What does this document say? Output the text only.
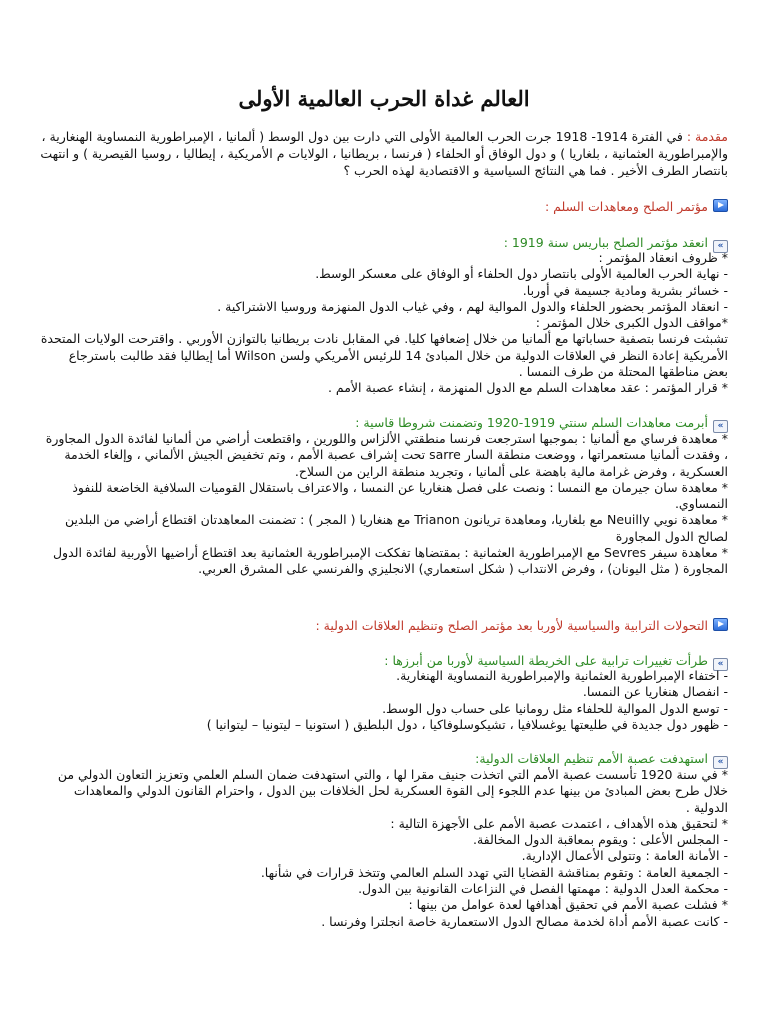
العالم غداة الحرب العالمية الأولى
مقدمة : في الفترة 1914- 1918 جرت الحرب العالمية الأولى التي دارت بين دول الوسط ( ألمانيا ، الإمبراطورية النمساوية الهنغارية ، والإمبراطورية العثمانية ، بلغاريا ) و دول الوفاق أو الحلفاء ( فرنسا ، بريطانيا ، الولايات م الأمريكية ، إيطاليا ، روسيا القيصرية ) و انتهت بانتصار الطرف الأخير . فما هي النتائج السياسية و الاقتصادية لهذه الحرب ؟
مؤتمر الصلح ومعاهدات السلم :
»انعقد مؤتمر الصلح بباريس سنة 1919 :

* ظروف انعقاد المؤتمر :

- نهاية الحرب العالمية الأولى بانتصار دول الحلفاء أو الوفاق على معسكر الوسط.

- خسائر بشرية ومادية جسيمة في أوربا.

- انعقاد المؤتمر بحضور الحلفاء والدول الموالية لهم ، وفي غياب الدول المنهزمة وروسيا الاشتراكية .

*مواقف الدول الكبرى خلال المؤتمر :

تشبثت فرنسا بتصفية حساباتها مع ألمانيا من خلال إضعافها كليا. في المقابل نادت بريطانيا بالتوازن الأوربي . واقترحت الولايات المتحدة الأمريكية إعادة النظر في العلاقات الدولية من خلال المبادئ 14 للرئيس الأمريكي ولسن Wilson أما إيطاليا فقد طالبت باسترجاع بعض مناطقها المحتلة من طرف النمسا .

* قرار المؤتمر : عقد معاهدات السلم مع الدول المنهزمة ، إنشاء عصبة الأمم .

»أبرمت معاهدات السلم سنتي 1919-1920 وتضمنت شروطا قاسية :

* معاهدة فرساي مع ألمانيا : بموجبها استرجعت فرنسا منطقتي الألزاس واللورين ، واقتطعت أراضي من ألمانيا لفائدة الدول المجاورة ، وفقدت ألمانيا مستعمراتها ، ووضعت منطقة السار sarre تحت إشراف عصبة الأمم ، وتم تخفيض الجيش الألماني ، وإلغاء الخدمة العسكرية ، وفرض غرامة مالية باهضة على ألمانيا ، وتجريد منطقة الراين من السلاح.

* معاهدة سان جيرمان مع النمسا : ونصت على فصل هنغاريا عن النمسا ، والاعتراف باستقلال القوميات السلافية الخاضعة للنفوذ النمساوي.

* معاهدة نويي Neuilly مع بلغاريا، ومعاهدة تريانون Trianon مع هنغاريا ( المجر ) : تضمنت المعاهدتان اقتطاع أراضي من البلدين لصالح الدول المجاورة

* معاهدة سيفر Sevres مع الإمبراطورية العثمانية : بمقتضاها تفككت الإمبراطورية العثمانية بعد اقتطاع أراضيها الأوربية لفائدة الدول المجاورة ( مثل اليونان) ، وفرض الانتداب ( شكل استعماري) الانجليزي والفرنسي على المشرق العربي.

التحولات الترابية والسياسية لأوربا بعد مؤتمر الصلح وتنظيم العلاقات الدولية :
»طرأت تغييرات ترابية على الخريطة السياسية لأوربا من أبرزها :

- اختفاء الإمبراطورية العثمانية والإمبراطورية النمساوية الهنغارية.

- انفصال هنغاريا عن النمسا.

- توسع الدول الموالية للحلفاء مثل رومانيا على حساب دول الوسط.

- ظهور دول جديدة في طليعتها يوغسلافيا ، تشيكوسلوفاكيا ، دول البلطيق ( استونيا – ليتونيا – ليتوانيا )

»استهدفت عصبة الأمم تنظيم العلاقات الدولية:

* في سنة 1920 تأسست عصبة الأمم التي اتخذت جنيف مقرا لها ، والتي استهدفت ضمان السلم العلمي وتعزيز التعاون الدولي من خلال طرح بعض المبادئ من بينها عدم اللجوء إلى القوة العسكرية لحل الخلافات بين الدول ، واحترام القانون الدولي والمعاهدات الدولية .

* لتحقيق هذه الأهداف ، اعتمدت عصبة الأمم على الأجهزة التالية :

- المجلس الأعلى : ويقوم بمعاقبة الدول المخالفة.

- الأمانة العامة : وتتولى الأعمال الإدارية.

- الجمعية العامة : وتقوم بمناقشة القضايا التي تهدد السلم العالمي وتتخذ قرارات في شأنها.

- محكمة العدل الدولية : مهمتها الفصل في النزاعات القانونية بين الدول.

* فشلت عصبة الأمم في تحقيق أهدافها لعدة عوامل من بينها :

- كانت عصبة الأمم أداة لخدمة مصالح الدول الاستعمارية خاصة انجلترا وفرنسا .
